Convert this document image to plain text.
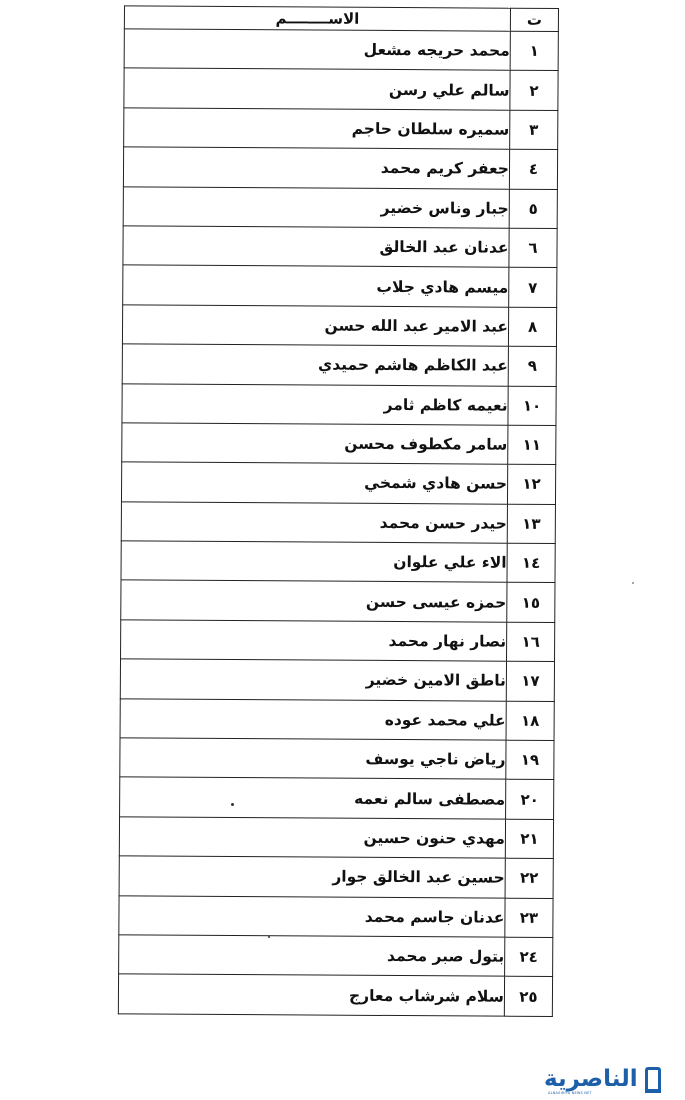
ت	الاســــــــم
١	محمد حريجه مشعل
٢	سالم علي رسن
٣	سميره سلطان حاجم
٤	جعفر كريم محمد
٥	جبار وناس خضير
٦	عدنان عبد الخالق
٧	ميسم هادي جلاب
٨	عبد الامير عبد الله حسن
٩	عبد الكاظم هاشم حميدي
١٠	نعيمه كاظم ثامر
١١	سامر مكطوف محسن
١٢	حسن هادي شمخي
١٣	حيدر حسن محمد
١٤	الاء علي علوان
١٥	حمزه عيسى حسن
١٦	نصار نهار محمد
١٧	ناطق الامين خضير
١٨	علي محمد عوده
١٩	رياض ناجي يوسف
٢٠	مصطفى سالم نعمه
٢١	مهدي حنون حسين
٢٢	حسين عبد الخالق جوار
٢٣	عدنان جاسم محمد
٢٤	بتول صبر محمد
٢٥	سلام شرشاب معارج
الناصرية
ALNASIRIYA NEWS NET
